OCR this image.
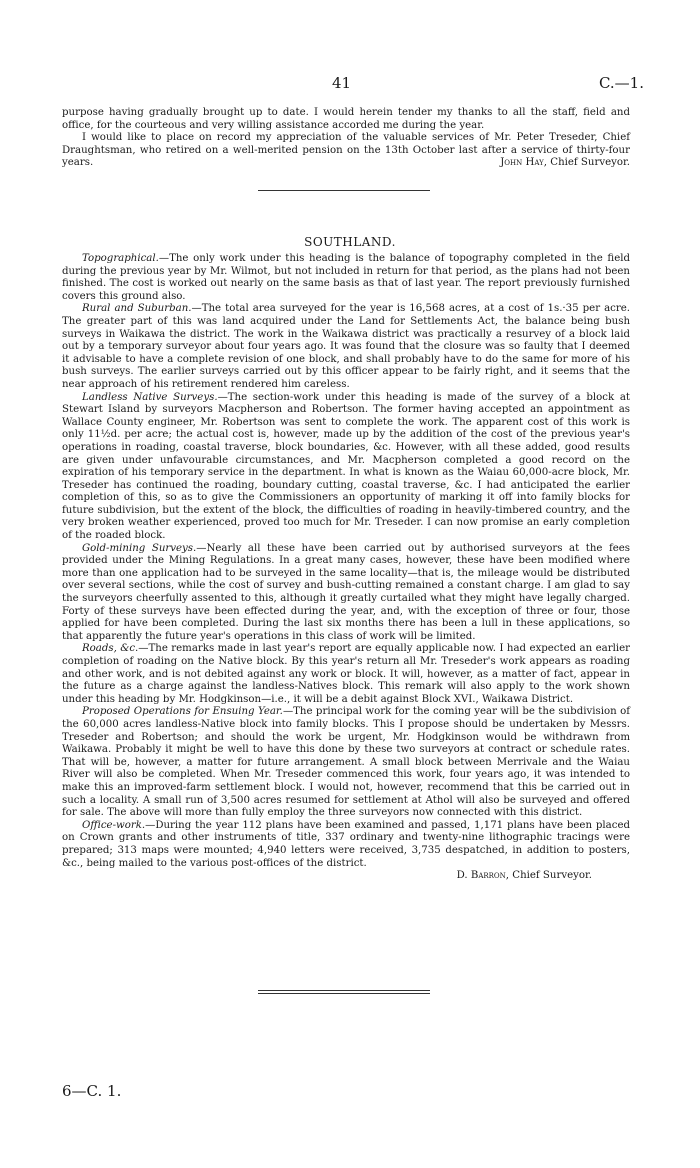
41	C.—1.

purpose having gradually brought up to date. I would herein tender my thanks to all the staff, field and office, for the courteous and very willing assistance accorded me during the year.

I would like to place on record my appreciation of the valuable services of Mr. Peter Treseder, Chief Draughtsman, who retired on a well-merited pension on the 13th October last after a service of thirty-four years.	John Hay, Chief Surveyor.
SOUTHLAND.

Topographical.—The only work under this heading is the balance of topography completed in the field during the previous year by Mr. Wilmot, but not included in return for that period, as the plans had not been finished. The cost is worked out nearly on the same basis as that of last year. The report previously furnished covers this ground also.

Rural and Suburban.—The total area surveyed for the year is 16,568 acres, at a cost of 1s.·35 per acre. The greater part of this was land acquired under the Land for Settlements Act, the balance being bush surveys in Waikawa the district. The work in the Waikawa district was practically a resurvey of a block laid out by a temporary surveyor about four years ago. It was found that the closure was so faulty that I deemed it advisable to have a complete revision of one block, and shall probably have to do the same for more of his bush surveys. The earlier surveys carried out by this officer appear to be fairly right, and it seems that the near approach of his retirement rendered him careless.

Landless Native Surveys.—The section-work under this heading is made of the survey of a block at Stewart Island by surveyors Macpherson and Robertson. The former having accepted an appointment as Wallace County engineer, Mr. Robertson was sent to complete the work. The apparent cost of this work is only 11½d. per acre; the actual cost is, however, made up by the addition of the cost of the previous year's operations in roading, coastal traverse, block boundaries, &c. However, with all these added, good results are given under unfavourable circumstances, and Mr. Macpherson completed a good record on the expiration of his temporary service in the department. In what is known as the Waiau 60,000-acre block, Mr. Treseder has continued the roading, boundary cutting, coastal traverse, &c. I had anticipated the earlier completion of this, so as to give the Commissioners an opportunity of marking it off into family blocks for future subdivision, but the extent of the block, the difficulties of roading in heavily-timbered country, and the very broken weather experienced, proved too much for Mr. Treseder. I can now promise an early completion of the roaded block.

Gold-mining Surveys.—Nearly all these have been carried out by authorised surveyors at the fees provided under the Mining Regulations. In a great many cases, however, these have been modified where more than one application had to be surveyed in the same locality—that is, the mileage would be distributed over several sections, while the cost of survey and bush-cutting remained a constant charge. I am glad to say the surveyors cheerfully assented to this, although it greatly curtailed what they might have legally charged. Forty of these surveys have been effected during the year, and, with the exception of three or four, those applied for have been completed. During the last six months there has been a lull in these applications, so that apparently the future year's operations in this class of work will be limited.

Roads, &c.—The remarks made in last year's report are equally applicable now. I had expected an earlier completion of roading on the Native block. By this year's return all Mr. Treseder's work appears as roading and other work, and is not debited against any work or block. It will, however, as a matter of fact, appear in the future as a charge against the landless-Natives block. This remark will also apply to the work shown under this heading by Mr. Hodgkinson—i.e., it will be a debit against Block XVI., Waikawa District.

Proposed Operations for Ensuing Year.—The principal work for the coming year will be the subdivision of the 60,000 acres landless-Native block into family blocks. This I propose should be undertaken by Messrs. Treseder and Robertson; and should the work be urgent, Mr. Hodgkinson would be withdrawn from Waikawa. Probably it might be well to have this done by these two surveyors at contract or schedule rates. That will be, however, a matter for future arrangement. A small block between Merrivale and the Waiau River will also be completed. When Mr. Treseder commenced this work, four years ago, it was intended to make this an improved-farm settlement block. I would not, however, recommend that this be carried out in such a locality. A small run of 3,500 acres resumed for settlement at Athol will also be surveyed and offered for sale. The above will more than fully employ the three surveyors now connected with this district.

Office-work.—During the year 112 plans have been examined and passed, 1,171 plans have been placed on Crown grants and other instruments of title, 337 ordinary and twenty-nine lithographic tracings were prepared; 313 maps were mounted; 4,940 letters were received, 3,735 despatched, in addition to posters, &c., being mailed to the various post-offices of the district.

D. Barron, Chief Surveyor.
6—C. 1.
